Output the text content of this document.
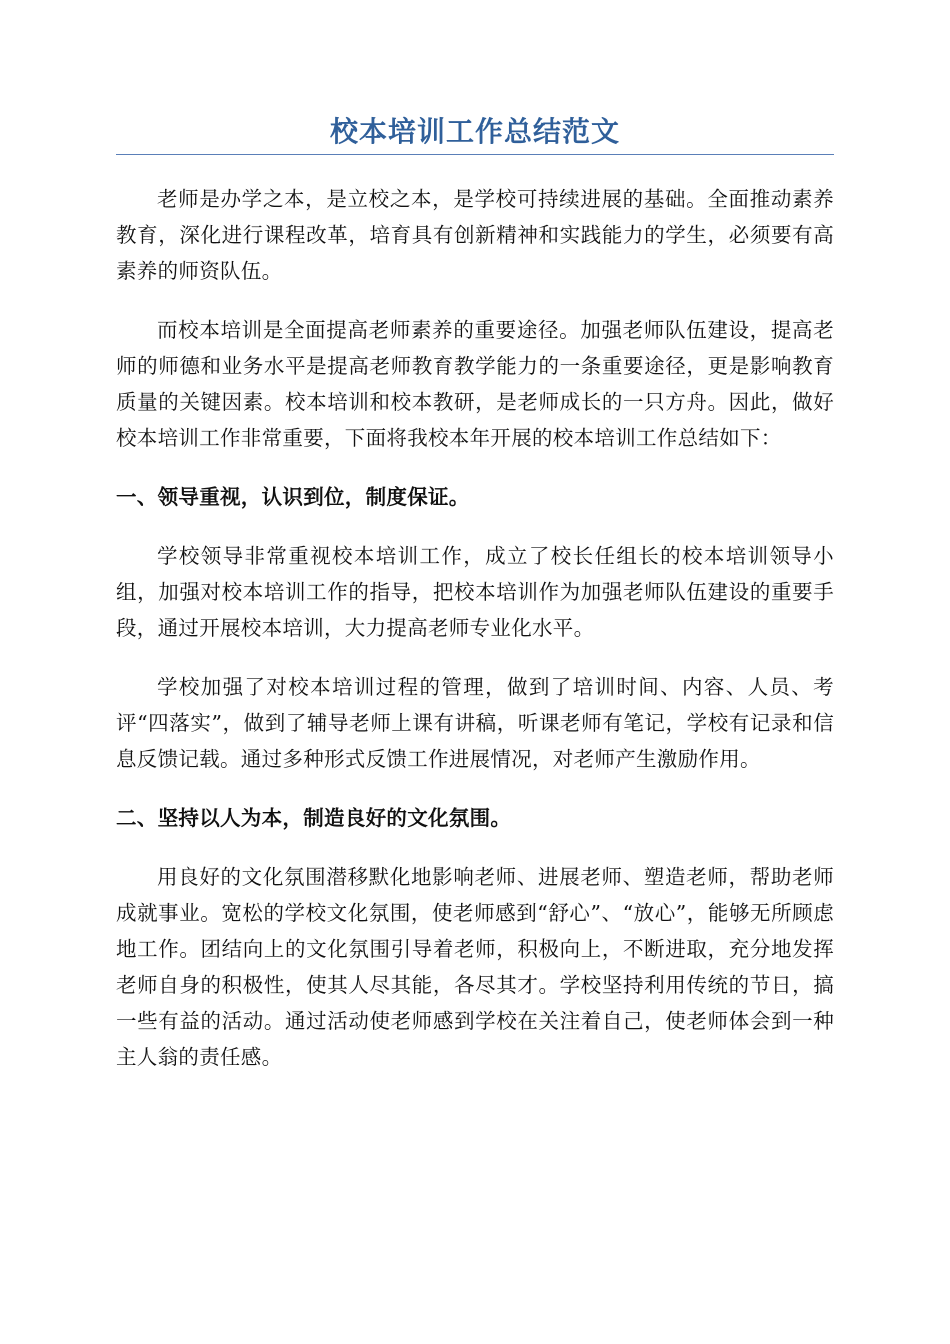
校本培训工作总结范文

老师是办学之本，是立校之本，是学校可持续进展的基础。全面推动素养教育，深化进行课程改革，培育具有创新精神和实践能力的学生，必须要有高素养的师资队伍。

而校本培训是全面提高老师素养的重要途径。加强老师队伍建设，提高老师的师德和业务水平是提高老师教育教学能力的一条重要途径，更是影响教育质量的关键因素。校本培训和校本教研，是老师成长的一只方舟。因此，做好校本培训工作非常重要，下面将我校本年开展的校本培训工作总结如下：

一、领导重视，认识到位，制度保证。

学校领导非常重视校本培训工作，成立了校长任组长的校本培训领导小组，加强对校本培训工作的指导，把校本培训作为加强老师队伍建设的重要手段，通过开展校本培训，大力提高老师专业化水平。

学校加强了对校本培训过程的管理，做到了培训时间、内容、人员、考评“四落实”，做到了辅导老师上课有讲稿，听课老师有笔记，学校有记录和信息反馈记载。通过多种形式反馈工作进展情况，对老师产生激励作用。

二、坚持以人为本，制造良好的文化氛围。

用良好的文化氛围潜移默化地影响老师、进展老师、塑造老师，帮助老师成就事业。宽松的学校文化氛围，使老师感到“舒心”、“放心”，能够无所顾虑地工作。团结向上的文化氛围引导着老师，积极向上，不断进取，充分地发挥老师自身的积极性，使其人尽其能，各尽其才。学校坚持利用传统的节日，搞一些有益的活动。通过活动使老师感到学校在关注着自己，使老师体会到一种主人翁的责任感。
